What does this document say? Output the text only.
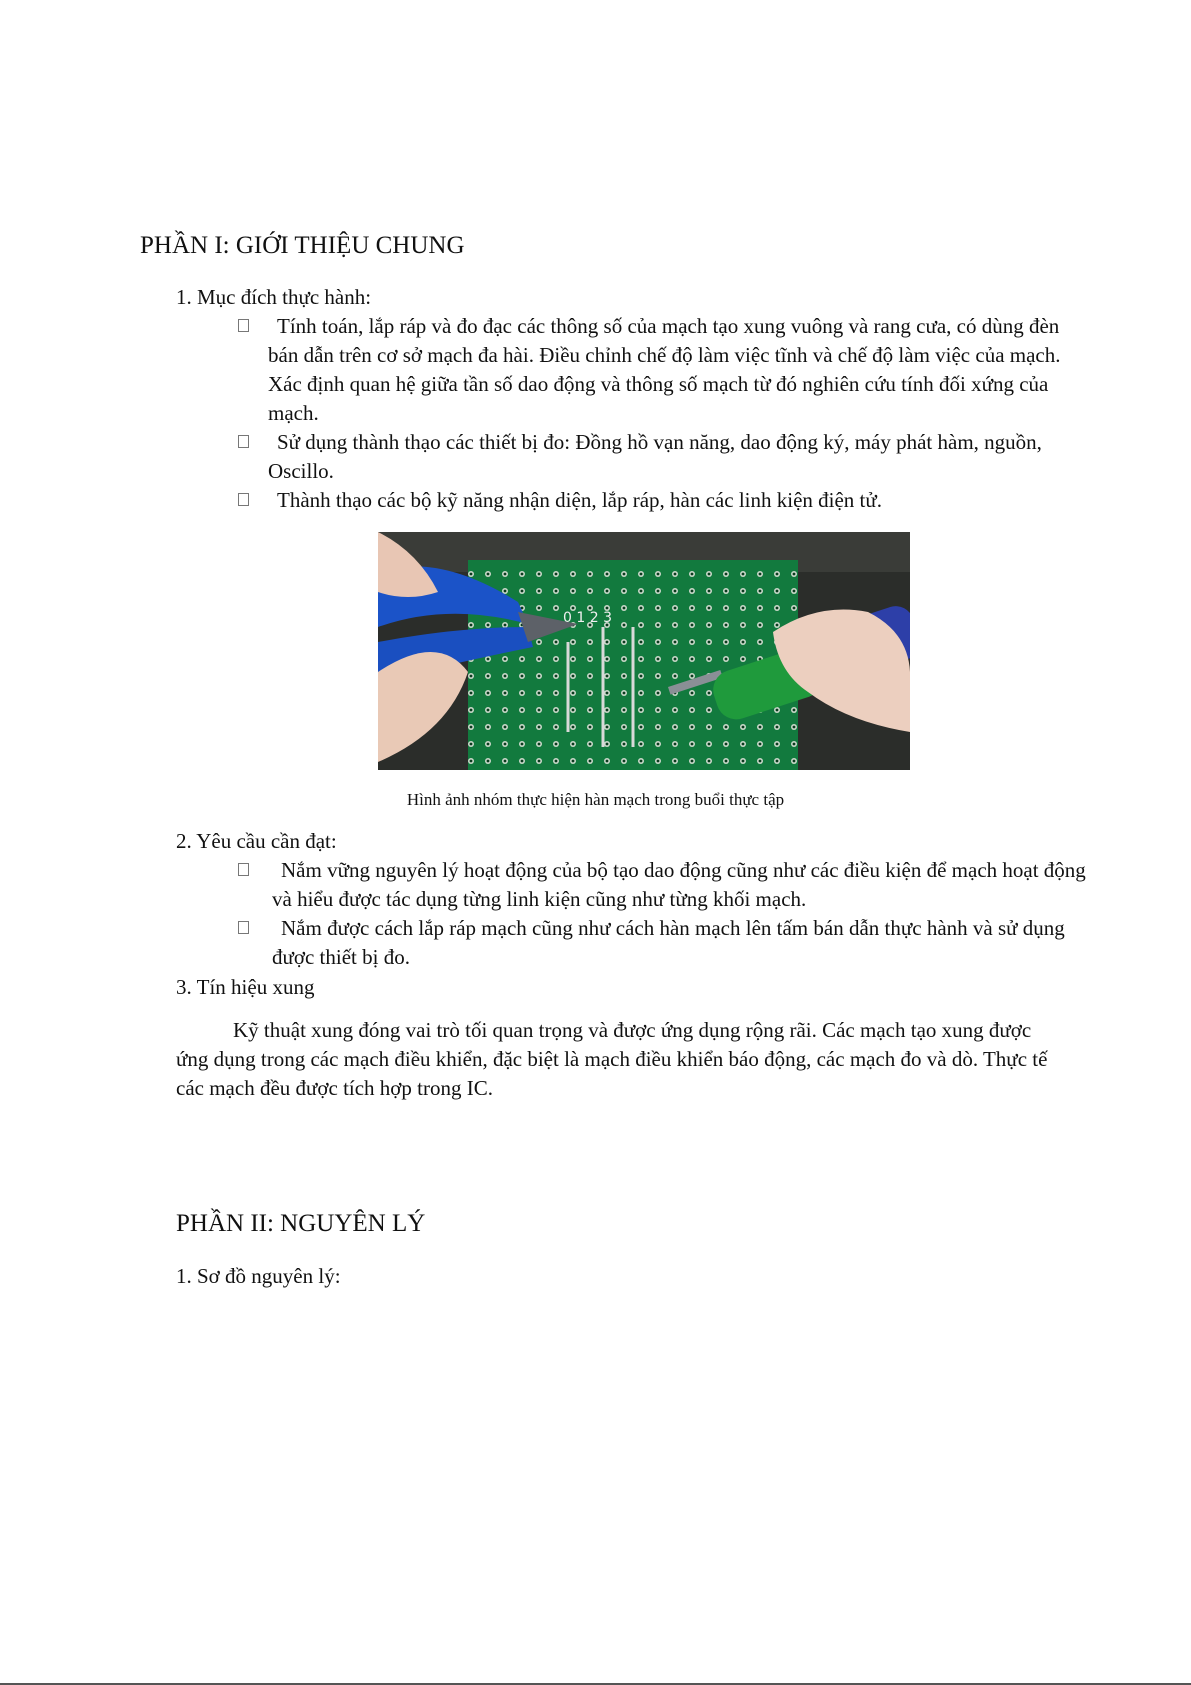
PHẦN I: GIỚI THIỆU CHUNG
1. Mục đích thực hành:
Tính toán, lắp ráp và đo đạc các thông số của mạch tạo xung vuông và rang cưa, có dùng đèn bán dẫn trên cơ sở mạch đa hài. Điều chỉnh chế độ làm việc tĩnh và chế độ làm việc của mạch. Xác định quan hệ giữa tần số dao động và thông số mạch từ đó nghiên cứu tính đối xứng của mạch.
Sử dụng thành thạo các thiết bị đo: Đồng hồ vạn năng, dao động ký, máy phát hàm, nguồn, Oscillo.
Thành thạo các bộ kỹ năng nhận diện, lắp ráp, hàn các linh kiện điện tử.
0 1 2 3
Hình ảnh nhóm thực hiện hàn mạch trong buổi thực tập
2. Yêu cầu cần đạt:
Nắm vững nguyên lý hoạt động của bộ tạo dao động cũng như các điều kiện để mạch hoạt động và hiểu được tác dụng từng linh kiện cũng như từng khối mạch.
Nắm được cách lắp ráp mạch cũng như cách hàn mạch lên tấm bán dẫn thực hành và sử dụng được thiết bị đo.
3. Tín hiệu xung
Kỹ thuật xung đóng vai trò tối quan trọng và được ứng dụng rộng rãi. Các mạch tạo xung được ứng dụng trong các mạch điều khiển, đặc biệt là mạch điều khiển báo động, các mạch đo và dò. Thực tế các mạch đều được tích hợp trong IC.
PHẦN II: NGUYÊN LÝ
1. Sơ đồ nguyên lý:
